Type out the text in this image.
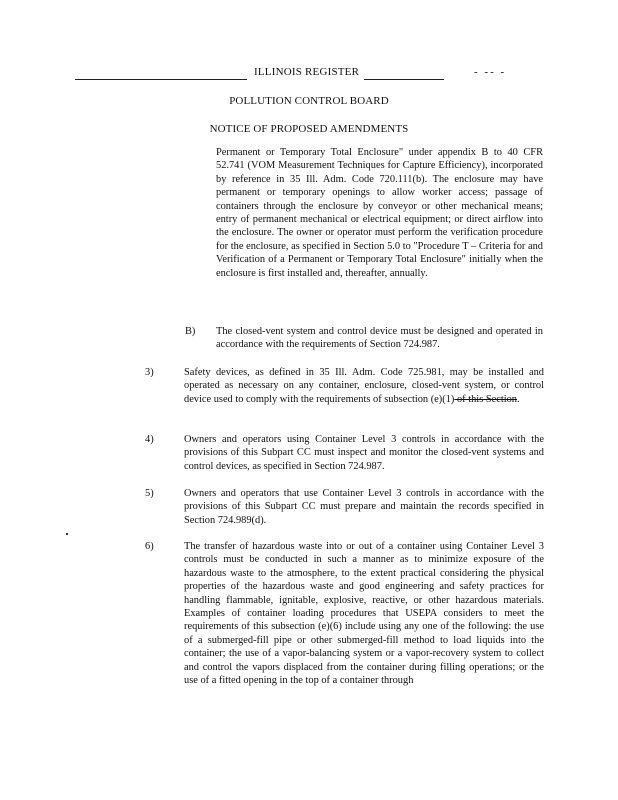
ILLINOIS REGISTER	- -- -
POLLUTION CONTROL BOARD
NOTICE OF PROPOSED AMENDMENTS
Permanent or Temporary Total Enclosure" under appendix B to 40 CFR 52.741 (VOM Measurement Techniques for Capture Efficiency), incorporated by reference in 35 Ill. Adm. Code 720.111(b). The enclosure may have permanent or temporary openings to allow worker access; passage of containers through the enclosure by conveyor or other mechanical means; entry of permanent mechanical or electrical equipment; or direct airflow into the enclosure. The owner or operator must perform the verification procedure for the enclosure, as specified in Section 5.0 to "Procedure T – Criteria for and Verification of a Permanent or Temporary Total Enclosure" initially when the enclosure is first installed and, thereafter, annually.
B) The closed-vent system and control device must be designed and operated in accordance with the requirements of Section 724.987.
3)	Safety devices, as defined in 35 Ill. Adm. Code 725.981, may be installed and operated as necessary on any container, enclosure, closed-vent system, or control device used to comply with the requirements of subsection (e)(1) of this Section.
4)	Owners and operators using Container Level 3 controls in accordance with the provisions of this Subpart CC must inspect and monitor the closed-vent systems and control devices, as specified in Section 724.987.
5)	Owners and operators that use Container Level 3 controls in accordance with the provisions of this Subpart CC must prepare and maintain the records specified in Section 724.989(d).
6)	The transfer of hazardous waste into or out of a container using Container Level 3 controls must be conducted in such a manner as to minimize exposure of the hazardous waste to the atmosphere, to the extent practical considering the physical properties of the hazardous waste and good engineering and safety practices for handling flammable, ignitable, explosive, reactive, or other hazardous materials. Examples of container loading procedures that USEPA considers to meet the requirements of this subsection (e)(6) include using any one of the following: the use of a submerged-fill pipe or other submerged-fill method to load liquids into the container; the use of a vapor-balancing system or a vapor-recovery system to collect and control the vapors displaced from the container during filling operations; or the use of a fitted opening in the top of a container through
